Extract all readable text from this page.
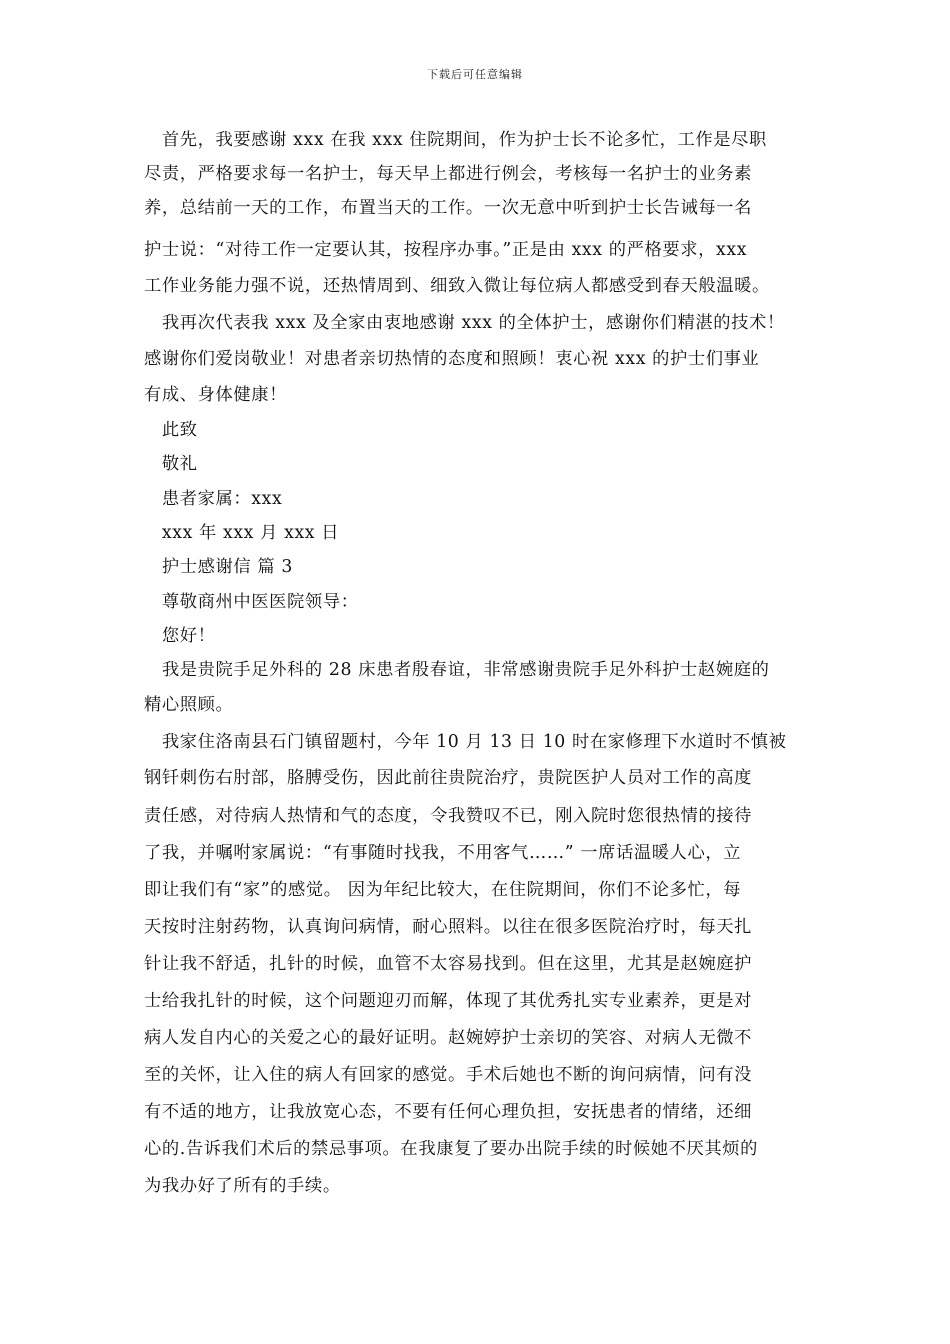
下载后可任意编辑
　首先，我要感谢 xxx 在我 xxx 住院期间，作为护士长不论多忙，工作是尽职
尽责，严格要求每一名护士，每天早上都进行例会，考核每一名护士的业务素
养，总结前一天的工作，布置当天的工作。一次无意中听到护士长告诫每一名
护士说：“对待工作一定要认其，按程序办事。”正是由 xxx 的严格要求，xxx
工作业务能力强不说，还热情周到、细致入微让每位病人都感受到春天般温暖。
　我再次代表我 xxx 及全家由衷地感谢 xxx 的全体护士，感谢你们精湛的技术！
感谢你们爱岗敬业！对患者亲切热情的态度和照顾！衷心祝 xxx 的护士们事业
有成、身体健康！
　此致
　敬礼
　患者家属：xxx
　xxx 年 xxx 月 xxx 日
　护士感谢信 篇 3
　尊敬商州中医医院领导：
　您好！
　我是贵院手足外科的 28 床患者殷春谊，非常感谢贵院手足外科护士赵婉庭的
精心照顾。
　我家住洛南县石门镇留题村，今年 10 月 13 日 10 时在家修理下水道时不慎被
钢钎刺伤右肘部，胳膊受伤，因此前往贵院治疗，贵院医护人员对工作的高度
责任感，对待病人热情和气的态度，令我赞叹不已，刚入院时您很热情的接待
了我，并嘱咐家属说：“有事随时找我，不用客气……” 一席话温暖人心，立
即让我们有“家”的感觉。 因为年纪比较大，在住院期间，你们不论多忙，每
天按时注射药物，认真询问病情，耐心照料。以往在很多医院治疗时，每天扎
针让我不舒适，扎针的时候，血管不太容易找到。但在这里，尤其是赵婉庭护
士给我扎针的时候，这个问题迎刃而解，体现了其优秀扎实专业素养，更是对
病人发自内心的关爱之心的最好证明。赵婉婷护士亲切的笑容、对病人无微不
至的关怀，让入住的病人有回家的感觉。手术后她也不断的询问病情，问有没
有不适的地方，让我放宽心态，不要有任何心理负担，安抚患者的情绪，还细
心的.告诉我们术后的禁忌事项。在我康复了要办出院手续的时候她不厌其烦的
为我办好了所有的手续。
